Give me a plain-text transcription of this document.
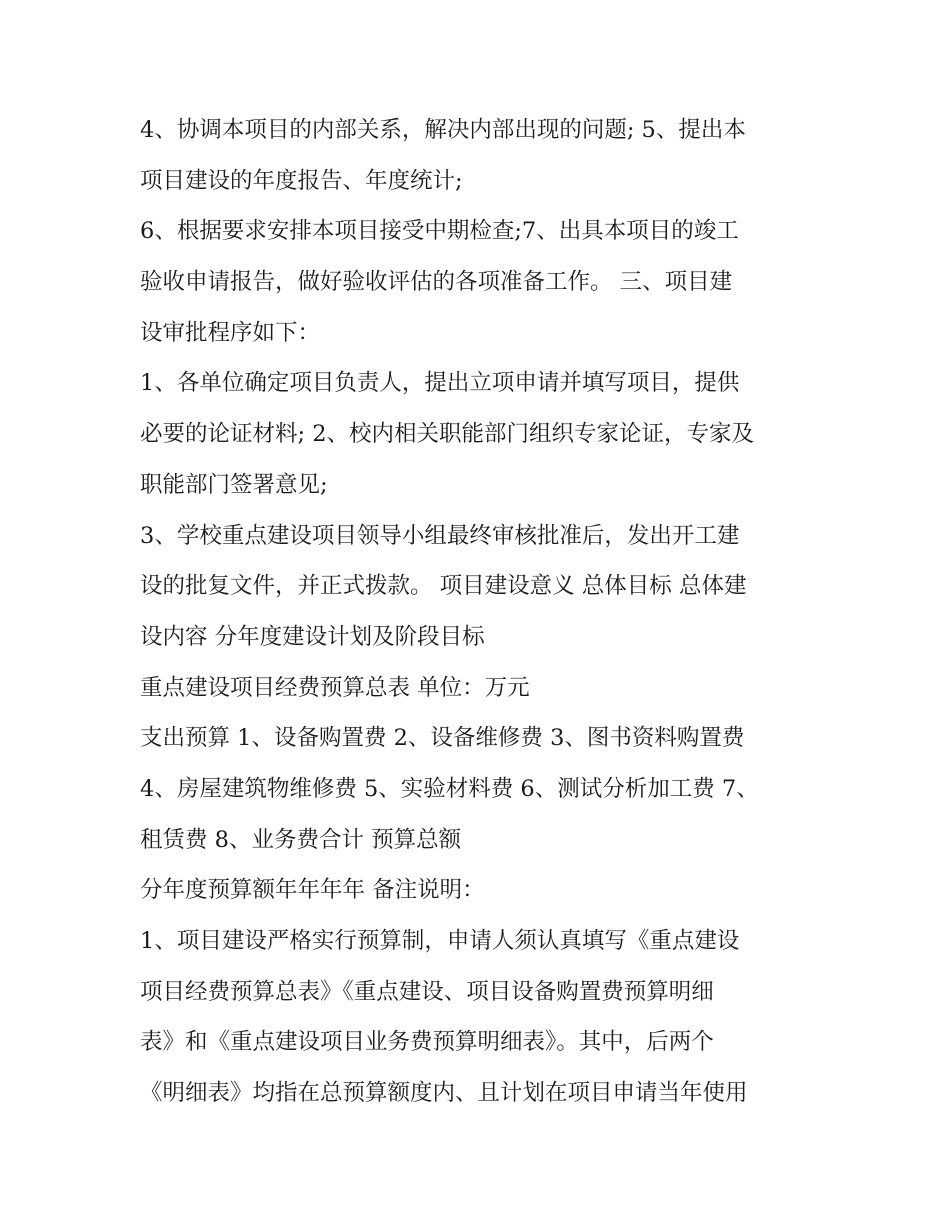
4、协调本项目的内部关系，解决内部出现的问题; 5、提出本
项目建设的年度报告、年度统计;
6、根据要求安排本项目接受中期检查;7、出具本项目的竣工
验收申请报告，做好验收评估的各项准备工作。 三、项目建
设审批程序如下：
1、各单位确定项目负责人，提出立项申请并填写项目，提供
必要的论证材料; 2、校内相关职能部门组织专家论证，专家及
职能部门签署意见;
3、学校重点建设项目领导小组最终审核批准后，发出开工建
设的批复文件，并正式拨款。 项目建设意义 总体目标 总体建
设内容 分年度建设计划及阶段目标
重点建设项目经费预算总表 单位：万元
支出预算 1、设备购置费 2、设备维修费 3、图书资料购置费
4、房屋建筑物维修费 5、实验材料费 6、测试分析加工费 7、
租赁费 8、业务费合计 预算总额
分年度预算额年年年年 备注说明：
1、项目建设严格实行预算制，申请人须认真填写《重点建设
项目经费预算总表》《重点建设、项目设备购置费预算明细
表》和《重点建设项目业务费预算明细表》。其中，后两个
《明细表》均指在总预算额度内、且计划在项目申请当年使用
